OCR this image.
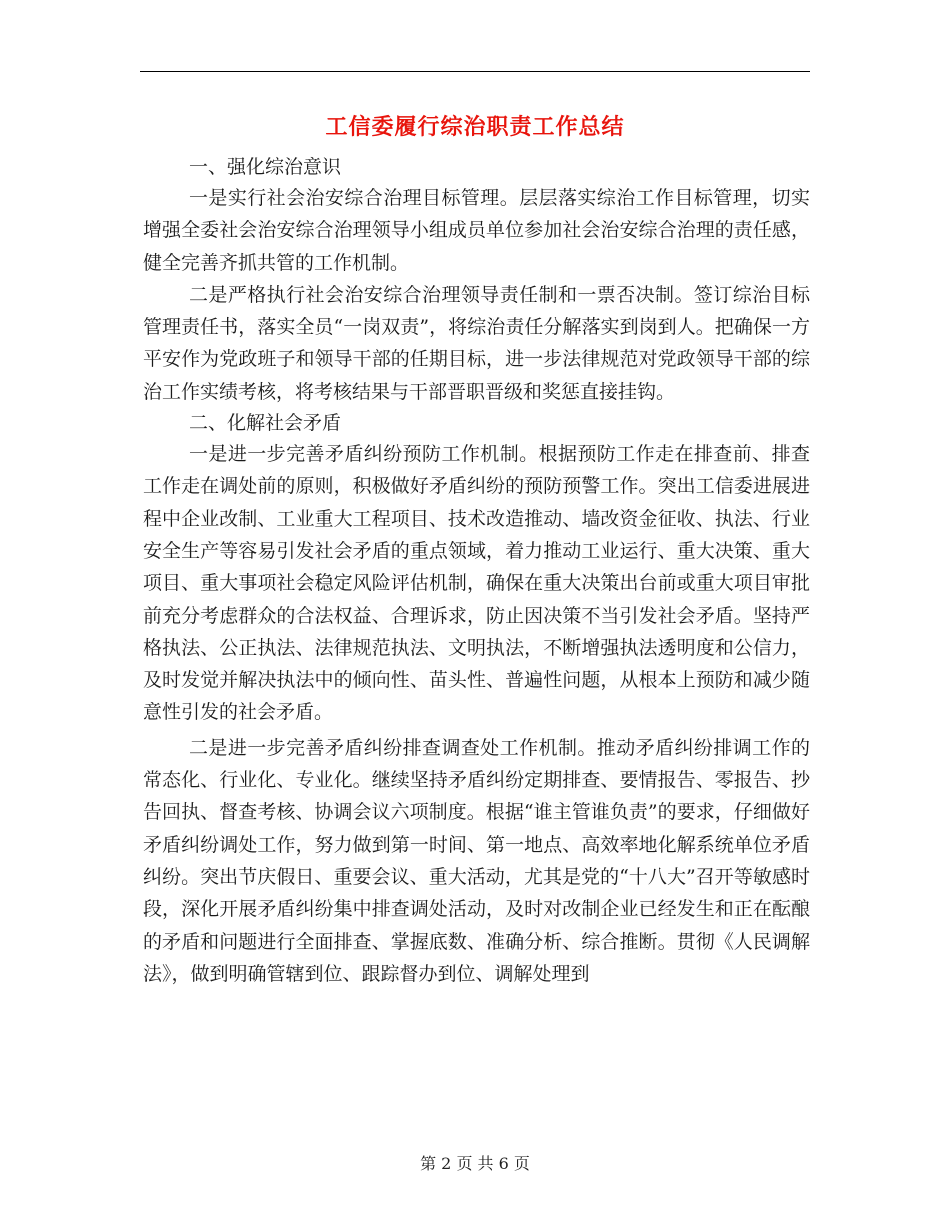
工信委履行综治职责工作总结

一、强化综治意识

一是实行社会治安综合治理目标管理。层层落实综治工作目标管理，切实增强全委社会治安综合治理领导小组成员单位参加社会治安综合治理的责任感，健全完善齐抓共管的工作机制。

二是严格执行社会治安综合治理领导责任制和一票否决制。签订综治目标管理责任书，落实全员“一岗双责”，将综治责任分解落实到岗到人。把确保一方平安作为党政班子和领导干部的任期目标，进一步法律规范对党政领导干部的综治工作实绩考核，将考核结果与干部晋职晋级和奖惩直接挂钩。

二、化解社会矛盾

一是进一步完善矛盾纠纷预防工作机制。根据预防工作走在排查前、排查工作走在调处前的原则，积极做好矛盾纠纷的预防预警工作。突出工信委进展进程中企业改制、工业重大工程项目、技术改造推动、墙改资金征收、执法、行业安全生产等容易引发社会矛盾的重点领域，着力推动工业运行、重大决策、重大项目、重大事项社会稳定风险评估机制，确保在重大决策出台前或重大项目审批前充分考虑群众的合法权益、合理诉求，防止因决策不当引发社会矛盾。坚持严格执法、公正执法、法律规范执法、文明执法，不断增强执法透明度和公信力，及时发觉并解决执法中的倾向性、苗头性、普遍性问题，从根本上预防和减少随意性引发的社会矛盾。

二是进一步完善矛盾纠纷排查调查处工作机制。推动矛盾纠纷排调工作的常态化、行业化、专业化。继续坚持矛盾纠纷定期排查、要情报告、零报告、抄告回执、督查考核、协调会议六项制度。根据“谁主管谁负责”的要求，仔细做好矛盾纠纷调处工作，努力做到第一时间、第一地点、高效率地化解系统单位矛盾纠纷。突出节庆假日、重要会议、重大活动，尤其是党的“十八大”召开等敏感时段，深化开展矛盾纠纷集中排查调处活动，及时对改制企业已经发生和正在酝酿的矛盾和问题进行全面排查、掌握底数、准确分析、综合推断。贯彻《人民调解法》，做到明确管辖到位、跟踪督办到位、调解处理到

第 2 页 共 6 页
